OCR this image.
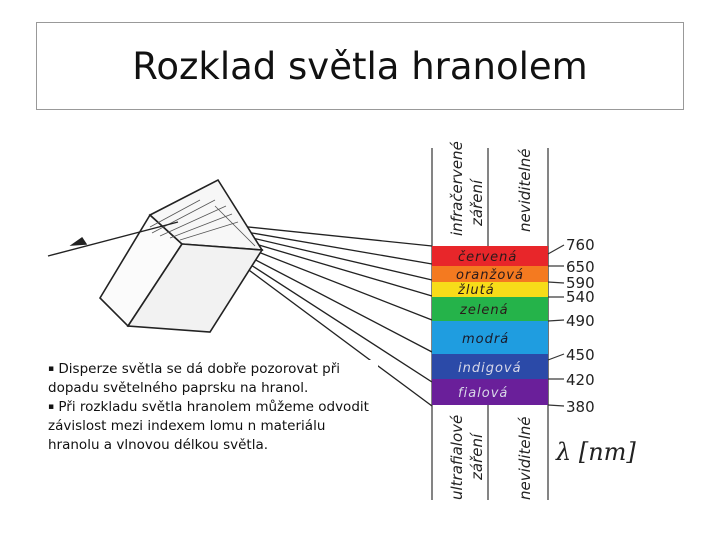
Rozklad světla hranolem
červená
oranžová
žlutá
zelená
modrá
indigová
fialová
infračervené záření neviditelné
ultrafialové záření neviditelné
760
650
590
540
490
450
420
380
λ [nm]

▪ Disperze světla se dá dobře pozorovat při dopadu světelného paprsku na hranol.

▪ Při rozkladu světla hranolem můžeme odvodit závislost mezi indexem lomu n materiálu hranolu a vlnovou délkou světla.
